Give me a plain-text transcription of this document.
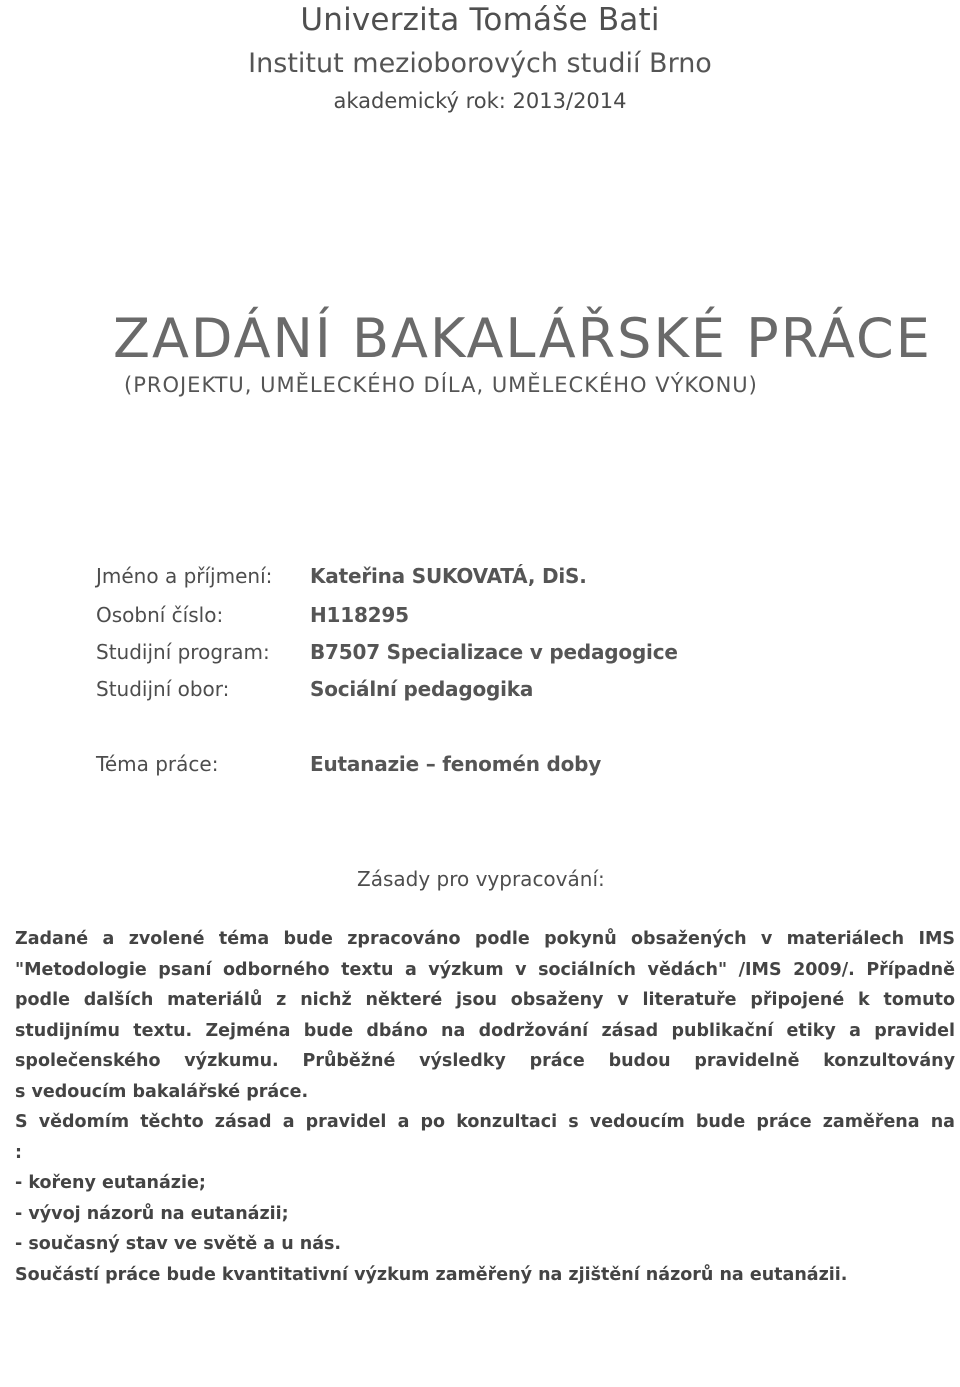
Univerzita Tomáše Bati
Institut mezioborových studií Brno
akademický rok: 2013/2014
ZADÁNÍ BAKALÁŘSKÉ PRÁCE
(PROJEKTU, UMĚLECKÉHO DÍLA, UMĚLECKÉHO VÝKONU)
Jméno a příjmení: Kateřina SUKOVATÁ, DiS.
Osobní číslo:	H118295
Studijní program: B7507 Specializace v pedagogice
Studijní obor:	Sociální pedagogika
Téma práce:	Eutanazie – fenomén doby
Zásady pro vypracování:
Zadané a zvolené téma bude zpracováno podle pokynů obsažených v materiálech IMS
"Metodologie psaní odborného textu a výzkum v sociálních vědách" /IMS 2009/. Případně
podle dalších materiálů z nichž některé jsou obsaženy v literatuře připojené k tomuto
studijnímu textu. Zejména bude dbáno na dodržování zásad publikační etiky a pravidel
společenského výzkumu. Průběžné výsledky práce budou pravidelně konzultovány
s vedoucím bakalářské práce.
S vědomím těchto zásad a pravidel a po konzultaci s vedoucím bude práce zaměřena na
:
- kořeny eutanázie;
- vývoj názorů na eutanázii;
- současný stav ve světě a u nás.
Součástí práce bude kvantitativní výzkum zaměřený na zjištění názorů na eutanázii.
